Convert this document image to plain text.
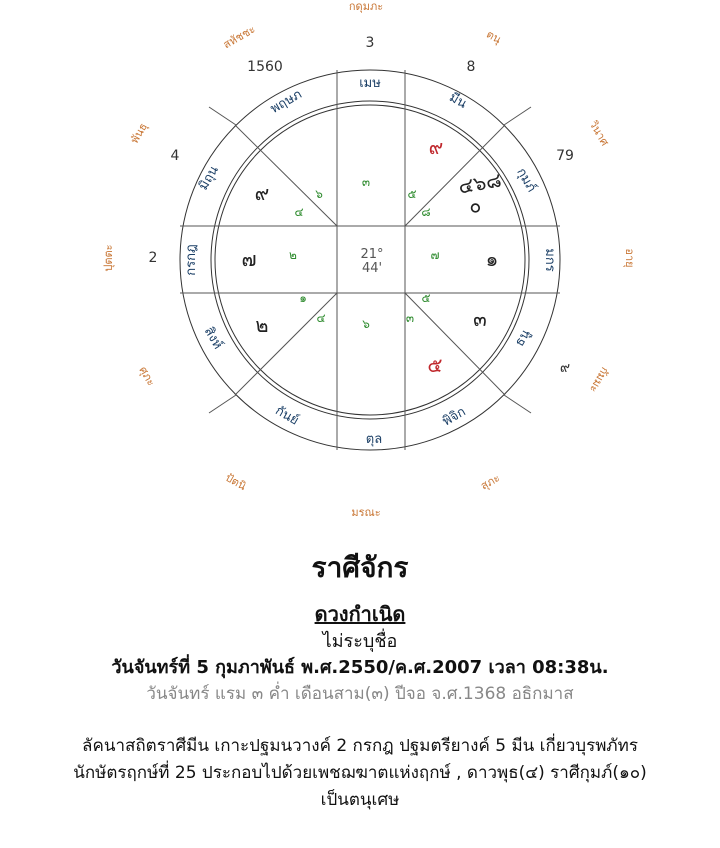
กดุมภะ
ตนุ
วินาศ
อายุ
กัมมะ
สุภะ
มรณะ
ปัตนิ
ศุภะ
ปุตตะ
พันธุ
สหัชชะ	3
8
79
๙
2
4
1560
เมษ
มีน
กุมภ์
มกร
ธนู
พิจิก
ตุล
กันย์
สิงห์
กรกฎ
มิถุน
พฤษภ
๙
๗
๒
๑
๓
๔๖๘
๐
๙
๕
๓
๕
๘
๖
๔
๒	๗
๑
๔
๕
๓
๖
21°
44'
ราศีจักร
ดวงกำเนิด
ไม่ระบุชื่อ
วันจันทร์ที่ 5 กุมภาพันธ์ พ.ศ.2550/ค.ศ.2007 เวลา 08:38น.
วันจันทร์ แรม ๓ ค่ำ เดือนสาม(๓) ปีจอ จ.ศ.1368 อธิกมาส
ลัคนาสถิตราศีมีน เกาะปฐมนวางค์ 2 กรกฎ ปฐมตรียางค์ 5 มีน เกี่ยวบุรพภัทรนักษัตรฤกษ์ที่ 25 ประกอบไปด้วยเพชฌฆาตแห่งฤกษ์ , ดาวพุธ(๔) ราศีกุมภ์(๑๐) เป็นตนุเศษ
